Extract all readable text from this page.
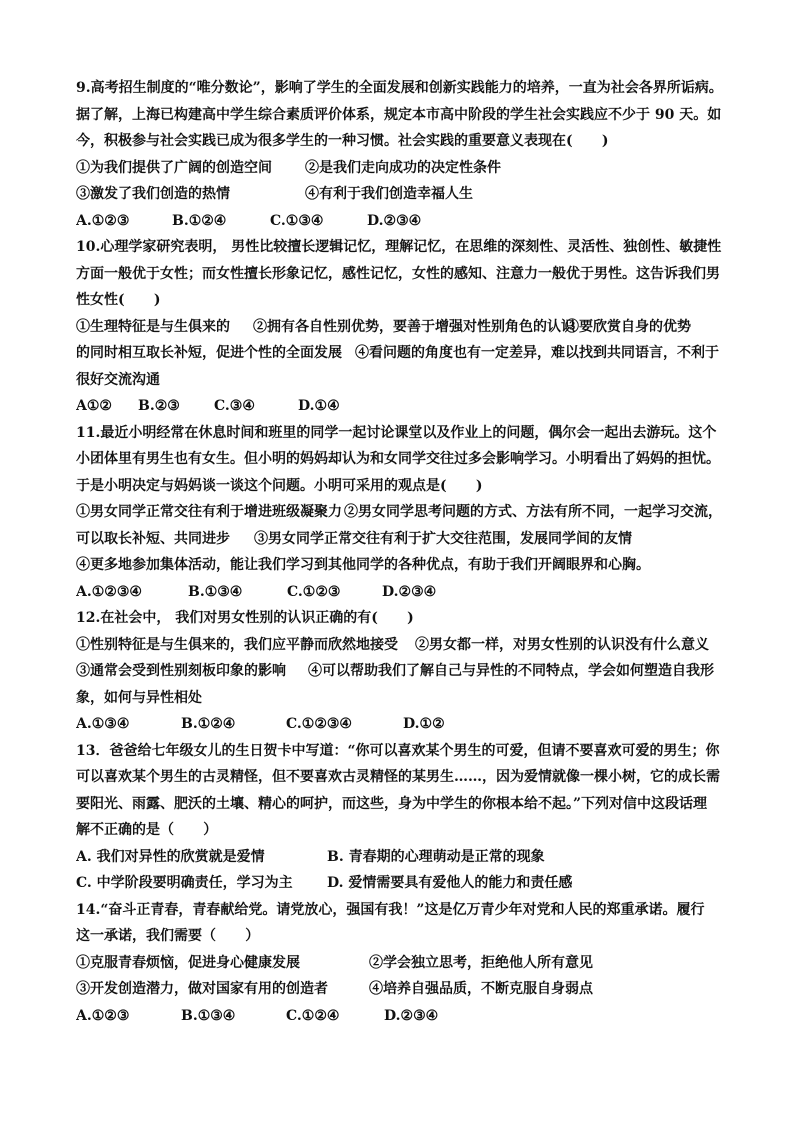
9.高考招生制度的“唯分数论”，影响了学生的全面发展和创新实践能力的培养，一直为社会各界所诟病。
据了解，上海已构建高中学生综合素质评价体系，规定本市高中阶段的学生社会实践应不少于 90 天。如
今，积极参与社会实践已成为很多学生的一种习惯。社会实践的重要意义表现在(      )

①为我们提供了广阔的创造空间

②是我们走向成功的决定性条件

③激发了我们创造的热情

	④有利于我们创造幸福人生

A.①②③

	B.①②④

	C.①③④

	D.②③④

10.心理学家研究表明， 男性比较擅长逻辑记忆，理解记忆，在思维的深刻性、灵活性、独创性、敏捷性
方面一般优于女性；而女性擅长形象记忆，感性记忆，女性的感知、注意力一般优于男性。这告诉我们男
性女性(      )

①生理特征是与生俱来的

②拥有各自性别优势，要善于增强对性别角色的认识

③要欣赏自身的优势

的同时相互取长补短，促进个性的全面发展

④看问题的角度也有一定差异，难以找到共同语言，不利于

很好交流沟通

A①②

B.②③

C.③④

	D.①④

11.最近小明经常在休息时间和班里的同学一起讨论课堂以及作业上的问题，偶尔会一起出去游玩。这个
小团体里有男生也有女生。但小明的妈妈却认为和女同学交往过多会影响学习。小明看出了妈妈的担忧。
于是小明决定与妈妈谈一谈这个问题。小明可采用的观点是(      )

①男女同学正常交往有利于增进班级凝聚力

②男女同学思考问题的方式、方法有所不同，一起学习交流，

可以取长补短、共同进步

③男女同学正常交往有利于扩大交往范围，发展同学间的友情

④更多地参加集体活动，能让我们学习到其他同学的各种优点，有助于我们开阔眼界和心胸。

A.①②③④

	B.①③④

	C.①②③

	D.②③④

12.在社会中， 我们对男女性别的认识正确的有(      )

①性别特征是与生俱来的，我们应平静而欣然地接受

②男女都一样，对男女性别的认识没有什么意义

③通常会受到性别刻板印象的影响

④可以帮助我们了解自己与异性的不同特点，学会如何塑造自我形

象，如何与异性相处

A.①③④

	B.①②④

	C.①②③④

	D.①②

13．爸爸给七年级女儿的生日贺卡中写道：“你可以喜欢某个男生的可爱，但请不要喜欢可爱的男生；你
可以喜欢某个男生的古灵精怪，但不要喜欢古灵精怪的某男生……，因为爱情就像一棵小树，它的成长需
要阳光、雨露、肥沃的土壤、精心的呵护，而这些，身为中学生的你根本给不起。”下列对信中这段话理
解不正确的是（      ）

A. 我们对异性的欣赏就是爱情

	B. 青春期的心理萌动是正常的现象

C. 中学阶段要明确责任，学习为主

D. 爱情需要具有爱他人的能力和责任感

14.“奋斗正青春，青春献给党。请党放心，强国有我！”这是亿万青少年对党和人民的郑重承诺。履行
这一承诺，我们需要（      ）

①克服青春烦恼，促进身心健康发展

	②学会独立思考，拒绝他人所有意见

③开发创造潜力，做对国家有用的创造者

	④培养自强品质，不断克服自身弱点

A.①②③

	B.①③④

	C.①②④

	D.②③④
